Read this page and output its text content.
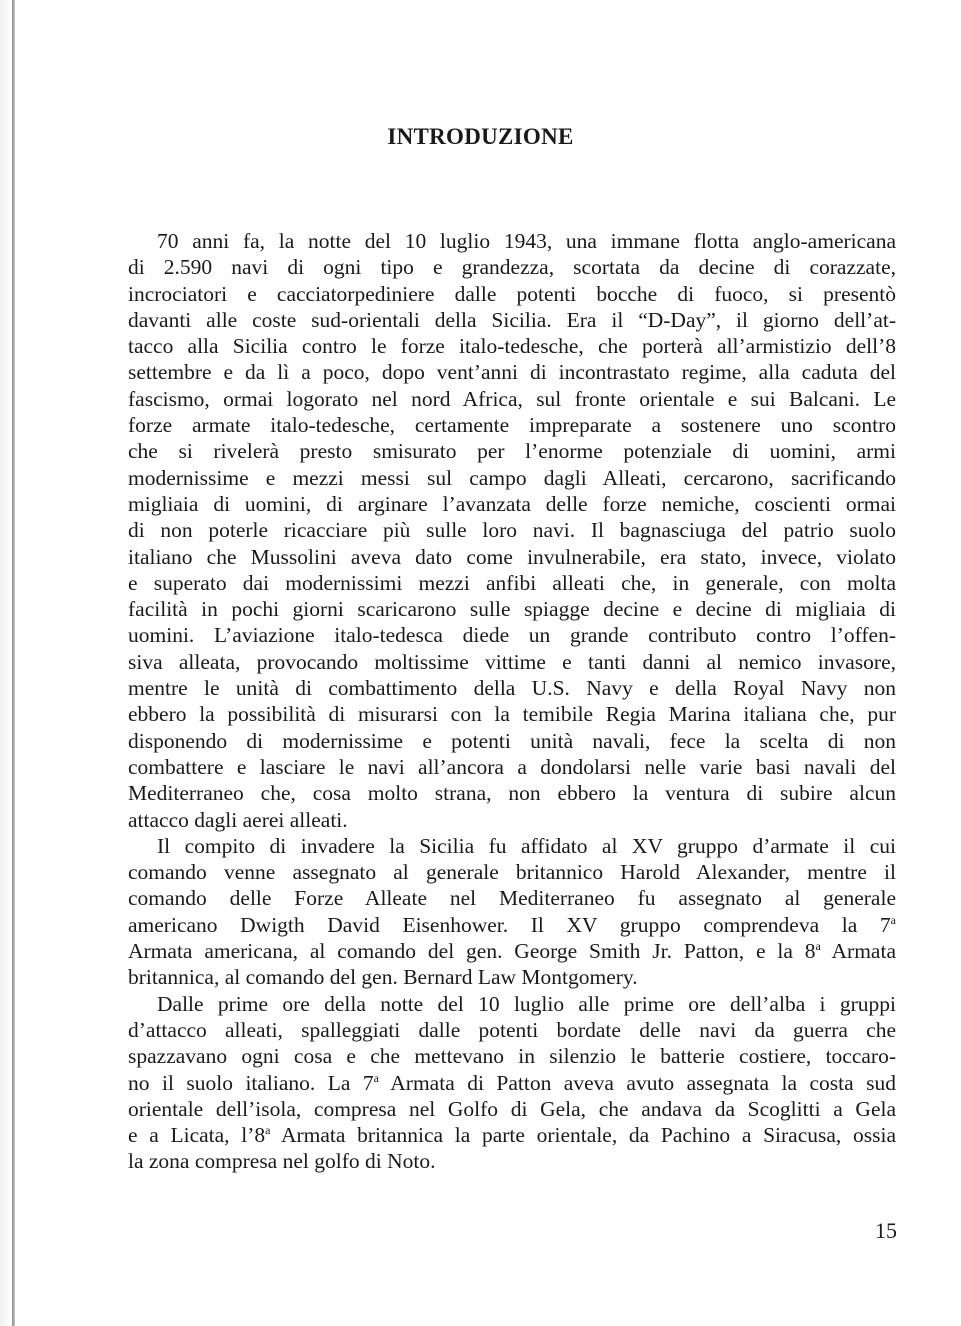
INTRODUZIONE

70 anni fa, la notte del 10 luglio 1943, una immane flotta anglo-americana
di 2.590 navi di ogni tipo e grandezza, scortata da decine di corazzate,
incrociatori e cacciatorpediniere dalle potenti bocche di fuoco, si presentò
davanti alle coste sud-orientali della Sicilia. Era il “D-Day”, il giorno dell’at-
tacco alla Sicilia contro le forze italo-tedesche, che porterà all’armistizio dell’8
settembre e da lì a poco, dopo vent’anni di incontrastato regime, alla caduta del
fascismo, ormai logorato nel nord Africa, sul fronte orientale e sui Balcani. Le
forze armate italo-tedesche, certamente impreparate a sostenere uno scontro
che si rivelerà presto smisurato per l’enorme potenziale di uomini, armi
modernissime e mezzi messi sul campo dagli Alleati, cercarono, sacrificando
migliaia di uomini, di arginare l’avanzata delle forze nemiche, coscienti ormai
di non poterle ricacciare più sulle loro navi. Il bagnasciuga del patrio suolo
italiano che Mussolini aveva dato come invulnerabile, era stato, invece, violato
e superato dai modernissimi mezzi anfibi alleati che, in generale, con molta
facilità in pochi giorni scaricarono sulle spiagge decine e decine di migliaia di
uomini. L’aviazione italo-tedesca diede un grande contributo contro l’offen-
siva alleata, provocando moltissime vittime e tanti danni al nemico invasore,
mentre le unità di combattimento della U.S. Navy e della Royal Navy non
ebbero la possibilità di misurarsi con la temibile Regia Marina italiana che, pur
disponendo di modernissime e potenti unità navali, fece la scelta di non
combattere e lasciare le navi all’ancora a dondolarsi nelle varie basi navali del
Mediterraneo che, cosa molto strana, non ebbero la ventura di subire alcun
attacco dagli aerei alleati.

Il compito di invadere la Sicilia fu affidato al XV gruppo d’armate il cui
comando venne assegnato al generale britannico Harold Alexander, mentre il
comando delle Forze Alleate nel Mediterraneo fu assegnato al generale
americano Dwigth David Eisenhower. Il XV gruppo comprendeva la 7$^a$
Armata americana, al comando del gen. George Smith Jr. Patton, e la 8$^a$ Armata
britannica, al comando del gen. Bernard Law Montgomery.

Dalle prime ore della notte del 10 luglio alle prime ore dell’alba i gruppi
d’attacco alleati, spalleggiati dalle potenti bordate delle navi da guerra che
spazzavano ogni cosa e che mettevano in silenzio le batterie costiere, toccaro-
no il suolo italiano. La 7$^a$ Armata di Patton aveva avuto assegnata la costa sud
orientale dell’isola, compresa nel Golfo di Gela, che andava da Scoglitti a Gela
e a Licata, l’8$^a$ Armata britannica la parte orientale, da Pachino a Siracusa, ossia
la zona compresa nel golfo di Noto.

15
